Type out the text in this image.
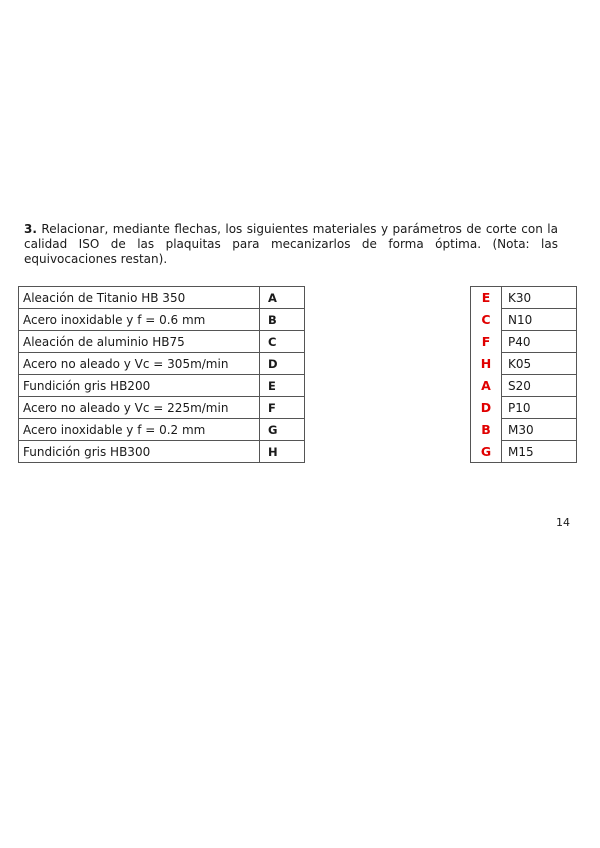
3. Relacionar, mediante flechas, los siguientes materiales y parámetros de corte con la calidad ISO de las plaquitas para mecanizarlos de forma óptima. (Nota: las equivocaciones restan).
Aleación de Titanio HB 350	A
Acero inoxidable y f = 0.6 mm	B
Aleación de aluminio HB75	C
Acero no aleado y Vc = 305m/min	D
Fundición gris HB200	E
Acero no aleado y Vc = 225m/min	F
Acero inoxidable y f = 0.2 mm	G
Fundición gris HB300	H
E	K30
C	N10
F	P40
H	K05
A	S20
D	P10
B	M30
G	M15
14
